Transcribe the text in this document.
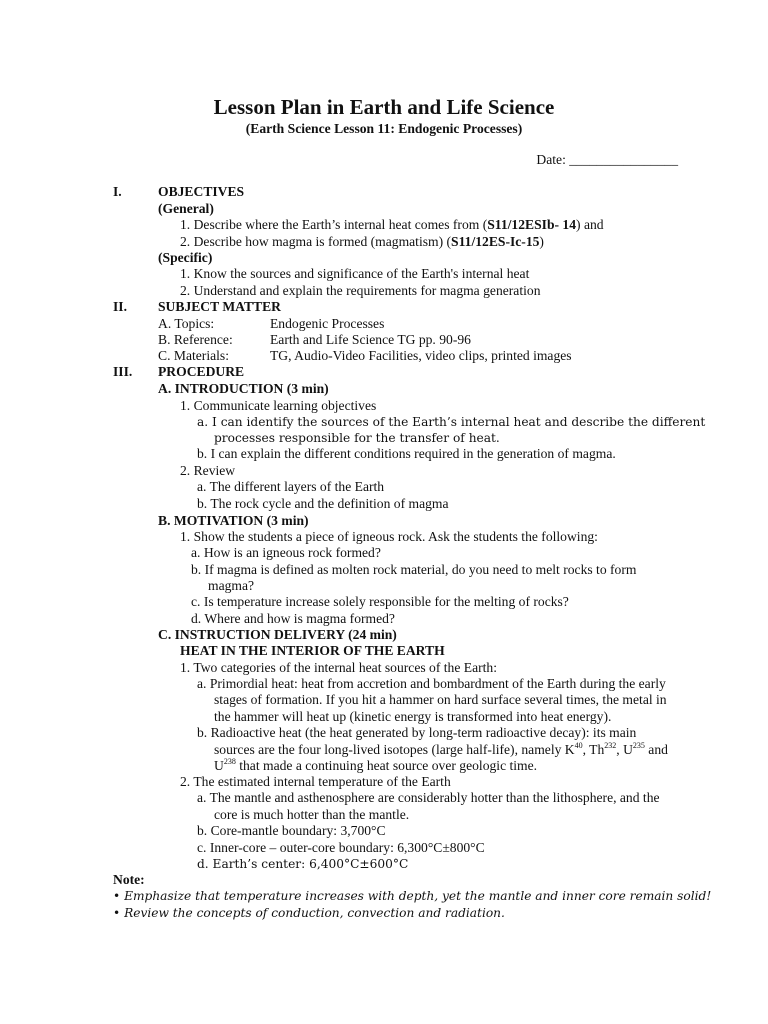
Lesson Plan in Earth and Life Science
(Earth Science Lesson 11: Endogenic Processes)
Date: ________________
I.	OBJECTIVES
(General)
1. Describe where the Earth’s internal heat comes from (S11/12ESIb- 14) and
2. Describe how magma is formed (magmatism) (S11/12ES-Ic-15)
(Specific)
1. Know the sources and significance of the Earth's internal heat
2. Understand and explain the requirements for magma generation
II. SUBJECT MATTER
A. Topics:	Endogenic Processes
B. Reference:	Earth and Life Science TG pp. 90-96
C. Materials:	TG, Audio-Video Facilities, video clips, printed images
III. PROCEDURE
A. INTRODUCTION (3 min)
1. Communicate learning objectives
a. I can identify the sources of the Earth’s internal heat and describe the different
processes responsible for the transfer of heat.
b. I can explain the different conditions required in the generation of magma.
2. Review
a. The different layers of the Earth
b. The rock cycle and the definition of magma
B. MOTIVATION (3 min)
1. Show the students a piece of igneous rock. Ask the students the following:
a. How is an igneous rock formed?
b. If magma is defined as molten rock material, do you need to melt rocks to form
magma?
c. Is temperature increase solely responsible for the melting of rocks?
d. Where and how is magma formed?
C. INSTRUCTION DELIVERY (24 min)
HEAT IN THE INTERIOR OF THE EARTH
1. Two categories of the internal heat sources of the Earth:
a. Primordial heat: heat from accretion and bombardment of the Earth during the early
stages of formation. If you hit a hammer on hard surface several times, the metal in
the hammer will heat up (kinetic energy is transformed into heat energy).
b. Radioactive heat (the heat generated by long-term radioactive decay): its main
sources are the four long-lived isotopes (large half-life), namely $K^{40}$, Th$^{232}$, $U^{235}$ and
$U^{238}$ that made a continuing heat source over geologic time.
2. The estimated internal temperature of the Earth
a. The mantle and asthenosphere are considerably hotter than the lithosphere, and the
core is much hotter than the mantle.
b. Core-mantle boundary: 3,700°C
c. Inner-core – outer-core boundary: 6,300°C±800°C
d. Earth’s center: 6,400°C±600°C
Note:
• Emphasize that temperature increases with depth, yet the mantle and inner core remain solid!
• Review the concepts of conduction, convection and radiation.
